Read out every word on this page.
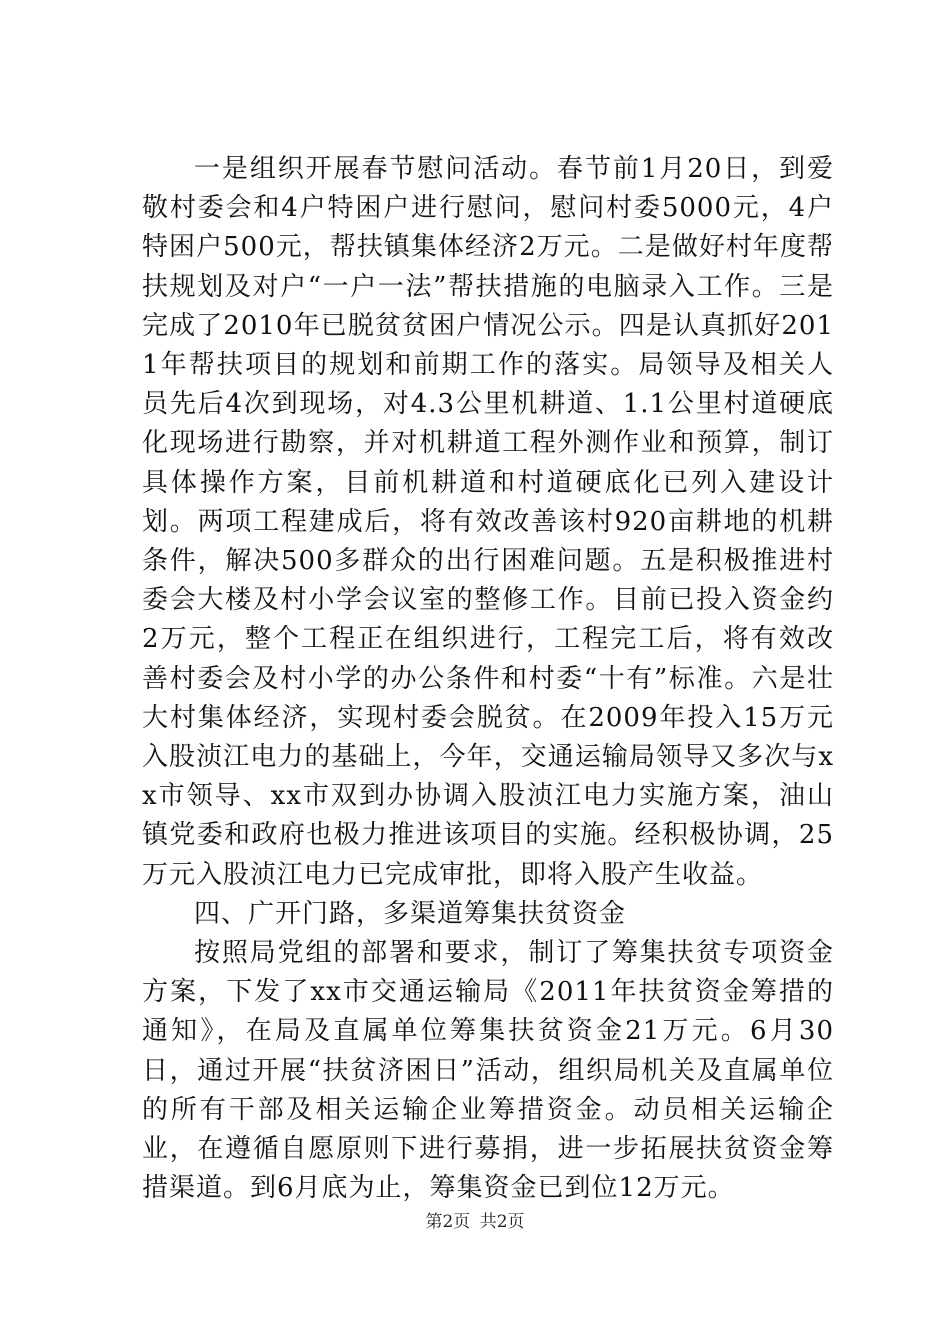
一是组织开展春节慰问活动。春节前1月20日，到爱敬村委会和4户特困户进行慰问，慰问村委5000元，4户特困户500元，帮扶镇集体经济2万元。二是做好村年度帮扶规划及对户“一户一法”帮扶措施的电脑录入工作。三是完成了2010年已脱贫贫困户情况公示。四是认真抓好2011年帮扶项目的规划和前期工作的落实。局领导及相关人员先后4次到现场，对4.3公里机耕道、1.1公里村道硬底化现场进行勘察，并对机耕道工程外测作业和预算，制订具体操作方案，目前机耕道和村道硬底化已列入建设计划。两项工程建成后，将有效改善该村920亩耕地的机耕条件，解决500多群众的出行困难问题。五是积极推进村委会大楼及村小学会议室的整修工作。目前已投入资金约2万元，整个工程正在组织进行，工程完工后，将有效改善村委会及村小学的办公条件和村委“十有”标准。六是壮大村集体经济，实现村委会脱贫。在2009年投入15万元入股浈江电力的基础上，今年，交通运输局领导又多次与xx市领导、xx市双到办协调入股浈江电力实施方案，油山镇党委和政府也极力推进该项目的实施。经积极协调，25万元入股浈江电力已完成审批，即将入股产生收益。

四、广开门路，多渠道筹集扶贫资金

按照局党组的部署和要求，制订了筹集扶贫专项资金方案，下发了xx市交通运输局《2011年扶贫资金筹措的通知》，在局及直属单位筹集扶贫资金21万元。6月30日，通过开展“扶贫济困日”活动，组织局机关及直属单位的所有干部及相关运输企业筹措资金。动员相关运输企业，在遵循自愿原则下进行募捐，进一步拓展扶贫资金筹措渠道。到6月底为止，筹集资金已到位12万元。

第2页 共2页
